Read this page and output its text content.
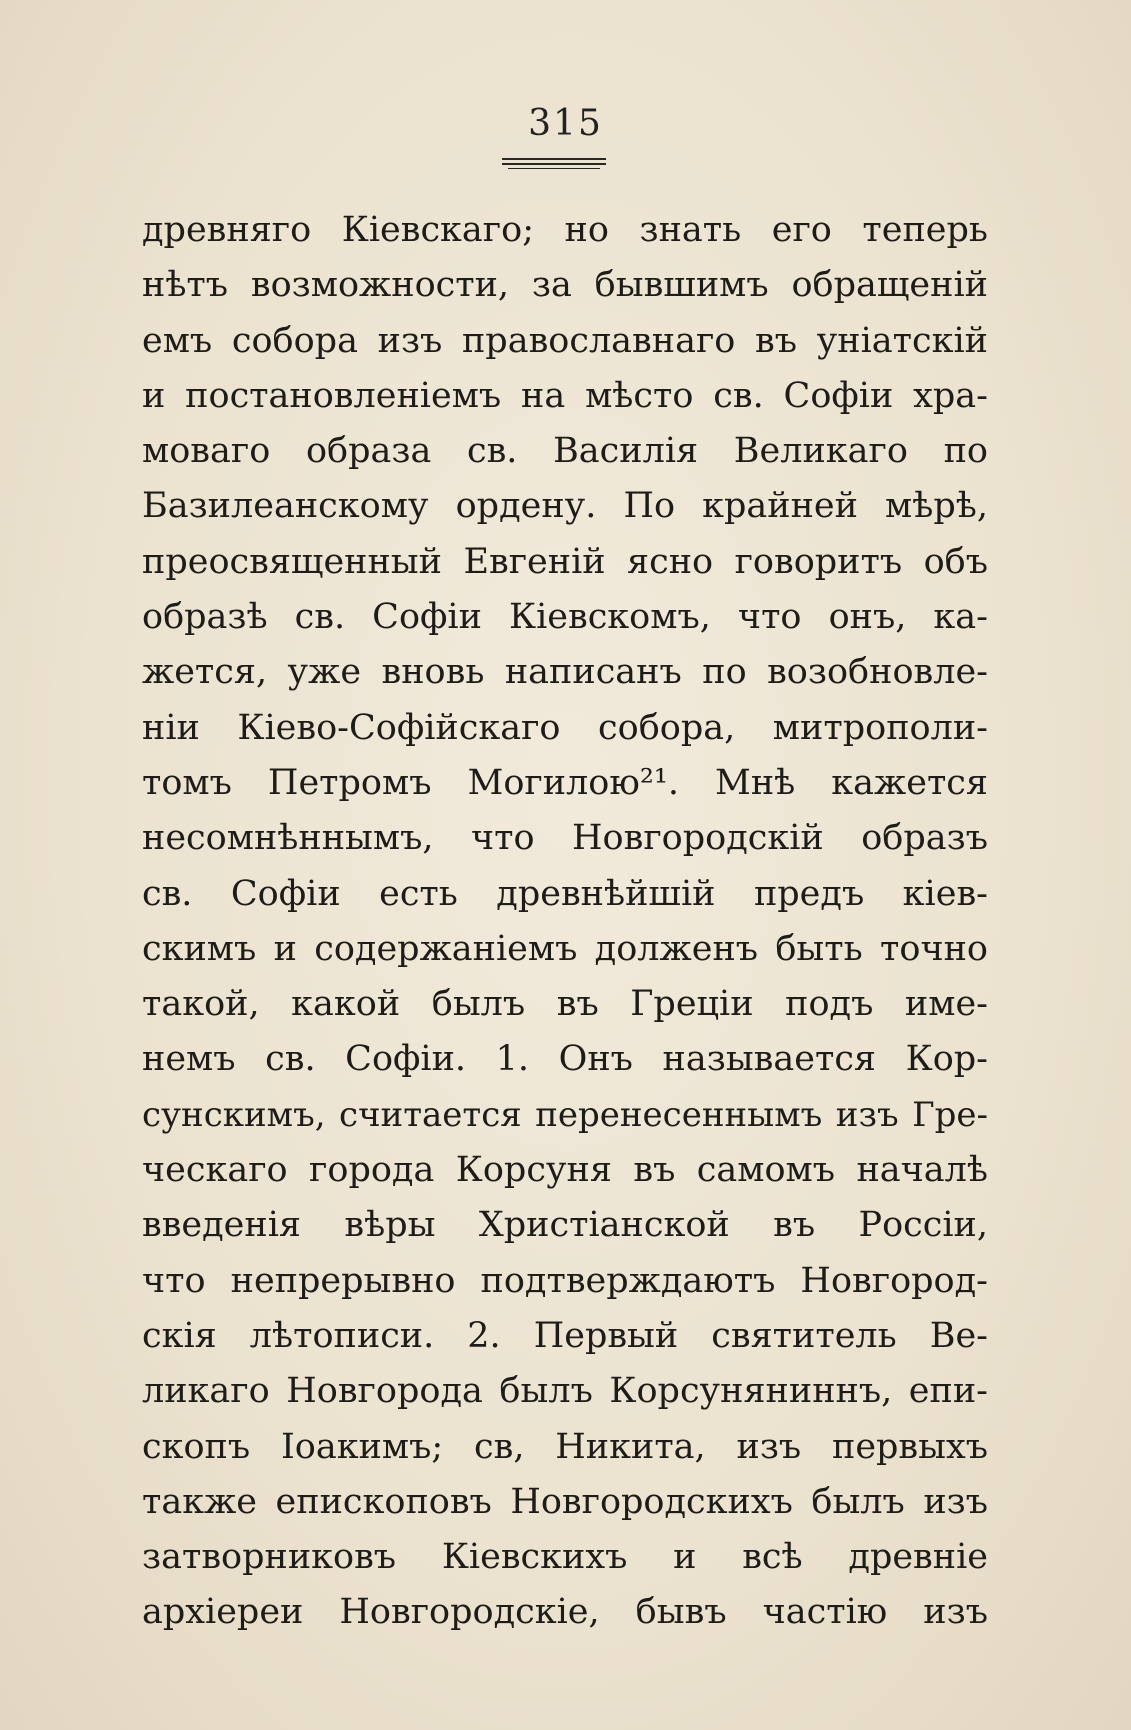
315
древняго Кіевскаго; но знать его теперь
нѣтъ возможности, за бывшимъ обращеній
емъ собора изъ православнаго въ уніатскій
и постановленіемъ на мѣсто св. Софіи хра-
моваго образа св. Василія Великаго по
Базилеанскому ордену. По крайней мѣрѣ,
преосвященный Евгеній ясно говоритъ объ
образѣ св. Софіи Кіевскомъ, что онъ, ка-
жется, уже вновь написанъ по возобновле-
ніи Кіево-Софійскаго собора, митрополи-
томъ Петромъ Могилою²¹. Мнѣ кажется
несомнѣннымъ, что Новгородскій образъ
св. Софіи есть древнѣйшій предъ кіев-
скимъ и содержаніемъ долженъ быть точно
такой, какой былъ въ Греціи подъ име-
немъ св. Софіи. 1. Онъ называется Кор-
сунскимъ, считается перенесеннымъ изъ Гре-
ческаго города Корсуня въ самомъ началѣ
введенія вѣры Христіанской въ Россіи,
что непрерывно подтверждаютъ Новгород-
скія лѣтописи. 2. Первый святитель Ве-
ликаго Новгорода былъ Корсуняниннъ, епи-
скопъ Іоакимъ; св, Никита, изъ первыхъ
также епископовъ Новгородскихъ былъ изъ
затворниковъ Кіевскихъ и всѣ древніе
архіереи Новгородскіе, бывъ частію изъ
